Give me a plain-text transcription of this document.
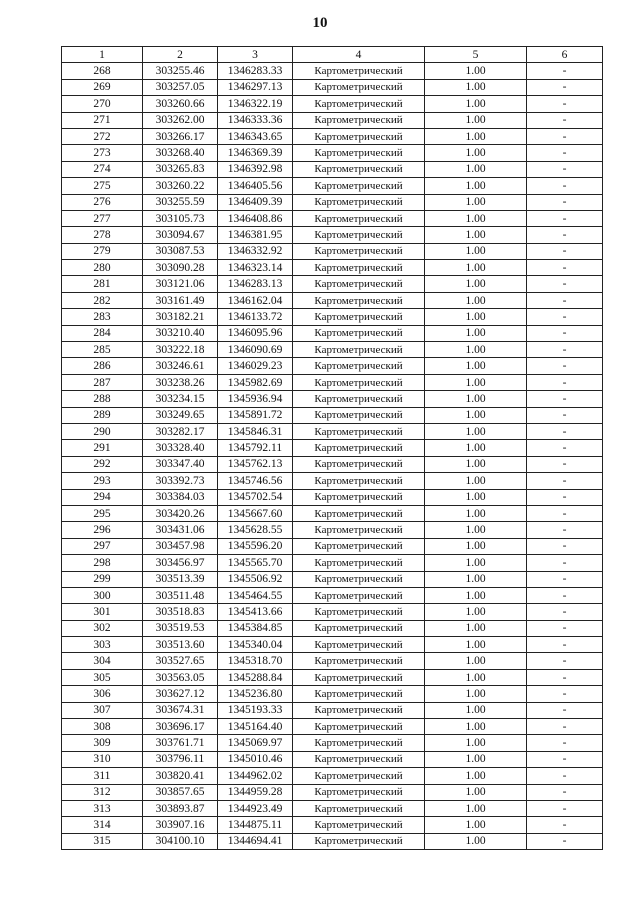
10
1	2	3	4	5	6
268	303255.46	1346283.33	Картометрический	1.00	-
269	303257.05	1346297.13	Картометрический	1.00	-
270	303260.66	1346322.19	Картометрический	1.00	-
271	303262.00	1346333.36	Картометрический	1.00	-
272	303266.17	1346343.65	Картометрический	1.00	-
273	303268.40	1346369.39	Картометрический	1.00	-
274	303265.83	1346392.98	Картометрический	1.00	-
275	303260.22	1346405.56	Картометрический	1.00	-
276	303255.59	1346409.39	Картометрический	1.00	-
277	303105.73	1346408.86	Картометрический	1.00	-
278	303094.67	1346381.95	Картометрический	1.00	-
279	303087.53	1346332.92	Картометрический	1.00	-
280	303090.28	1346323.14	Картометрический	1.00	-
281	303121.06	1346283.13	Картометрический	1.00	-
282	303161.49	1346162.04	Картометрический	1.00	-
283	303182.21	1346133.72	Картометрический	1.00	-
284	303210.40	1346095.96	Картометрический	1.00	-
285	303222.18	1346090.69	Картометрический	1.00	-
286	303246.61	1346029.23	Картометрический	1.00	-
287	303238.26	1345982.69	Картометрический	1.00	-
288	303234.15	1345936.94	Картометрический	1.00	-
289	303249.65	1345891.72	Картометрический	1.00	-
290	303282.17	1345846.31	Картометрический	1.00	-
291	303328.40	1345792.11	Картометрический	1.00	-
292	303347.40	1345762.13	Картометрический	1.00	-
293	303392.73	1345746.56	Картометрический	1.00	-
294	303384.03	1345702.54	Картометрический	1.00	-
295	303420.26	1345667.60	Картометрический	1.00	-
296	303431.06	1345628.55	Картометрический	1.00	-
297	303457.98	1345596.20	Картометрический	1.00	-
298	303456.97	1345565.70	Картометрический	1.00	-
299	303513.39	1345506.92	Картометрический	1.00	-
300	303511.48	1345464.55	Картометрический	1.00	-
301	303518.83	1345413.66	Картометрический	1.00	-
302	303519.53	1345384.85	Картометрический	1.00	-
303	303513.60	1345340.04	Картометрический	1.00	-
304	303527.65	1345318.70	Картометрический	1.00	-
305	303563.05	1345288.84	Картометрический	1.00	-
306	303627.12	1345236.80	Картометрический	1.00	-
307	303674.31	1345193.33	Картометрический	1.00	-
308	303696.17	1345164.40	Картометрический	1.00	-
309	303761.71	1345069.97	Картометрический	1.00	-
310	303796.11	1345010.46	Картометрический	1.00	-
311	303820.41	1344962.02	Картометрический	1.00	-
312	303857.65	1344959.28	Картометрический	1.00	-
313	303893.87	1344923.49	Картометрический	1.00	-
314	303907.16	1344875.11	Картометрический	1.00	-
315	304100.10	1344694.41	Картометрический	1.00	-
